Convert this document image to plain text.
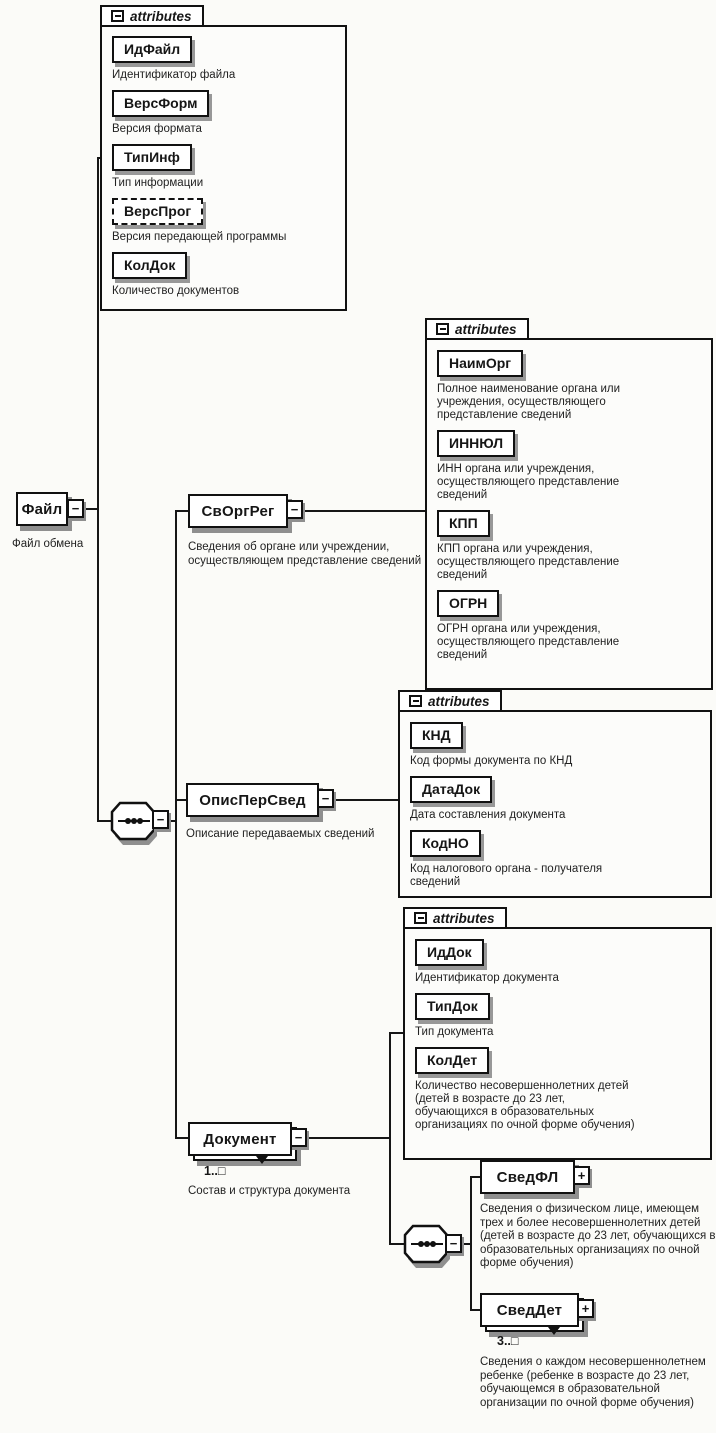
Файл −
Файл обмена
attributes
ИдФайл
Идентификатор файла
ВерсФорм
Версия формата
ТипИнф
Тип информации
ВерсПрог
Версия передающей программы
КолДок
Количество документов
−
СвОргРег	−
Сведения об органе или учреждении, осуществляющем представление сведений
attributes
НаимОрг
Полное наименование органа или учреждения, осуществляющего представление сведений
ИННЮЛ
ИНН органа или учреждения, осуществляющего представление сведений
КПП
КПП органа или учреждения, осуществляющего представление сведений
ОГРН
ОГРН органа или учреждения, осуществляющего представление сведений
ОписПерСвед	−
Описание передаваемых сведений
attributes
КНД
Код формы документа по КНД
ДатаДок
Дата составления документа
КодНО
Код налогового органа - получателя сведений
Документ	−
1..□
Состав и структура документа
attributes
ИдДок
Идентификатор документа
ТипДок
Тип документа
КолДет
Количество несовершеннолетних детей (детей в возрасте до 23 лет, обучающихся в образовательных организациях по очной форме обучения)
−
СведФЛ	+
Сведения о физическом лице, имеющем трех и более несовершеннолетних детей (детей в возрасте до 23 лет, обучающихся в образовательных организациях по очной форме обучения)
СведДет	+
3..□
Сведения о каждом несовершеннолетнем ребенке (ребенке в возрасте до 23 лет, обучающемся в образовательной организации по очной форме обучения)
